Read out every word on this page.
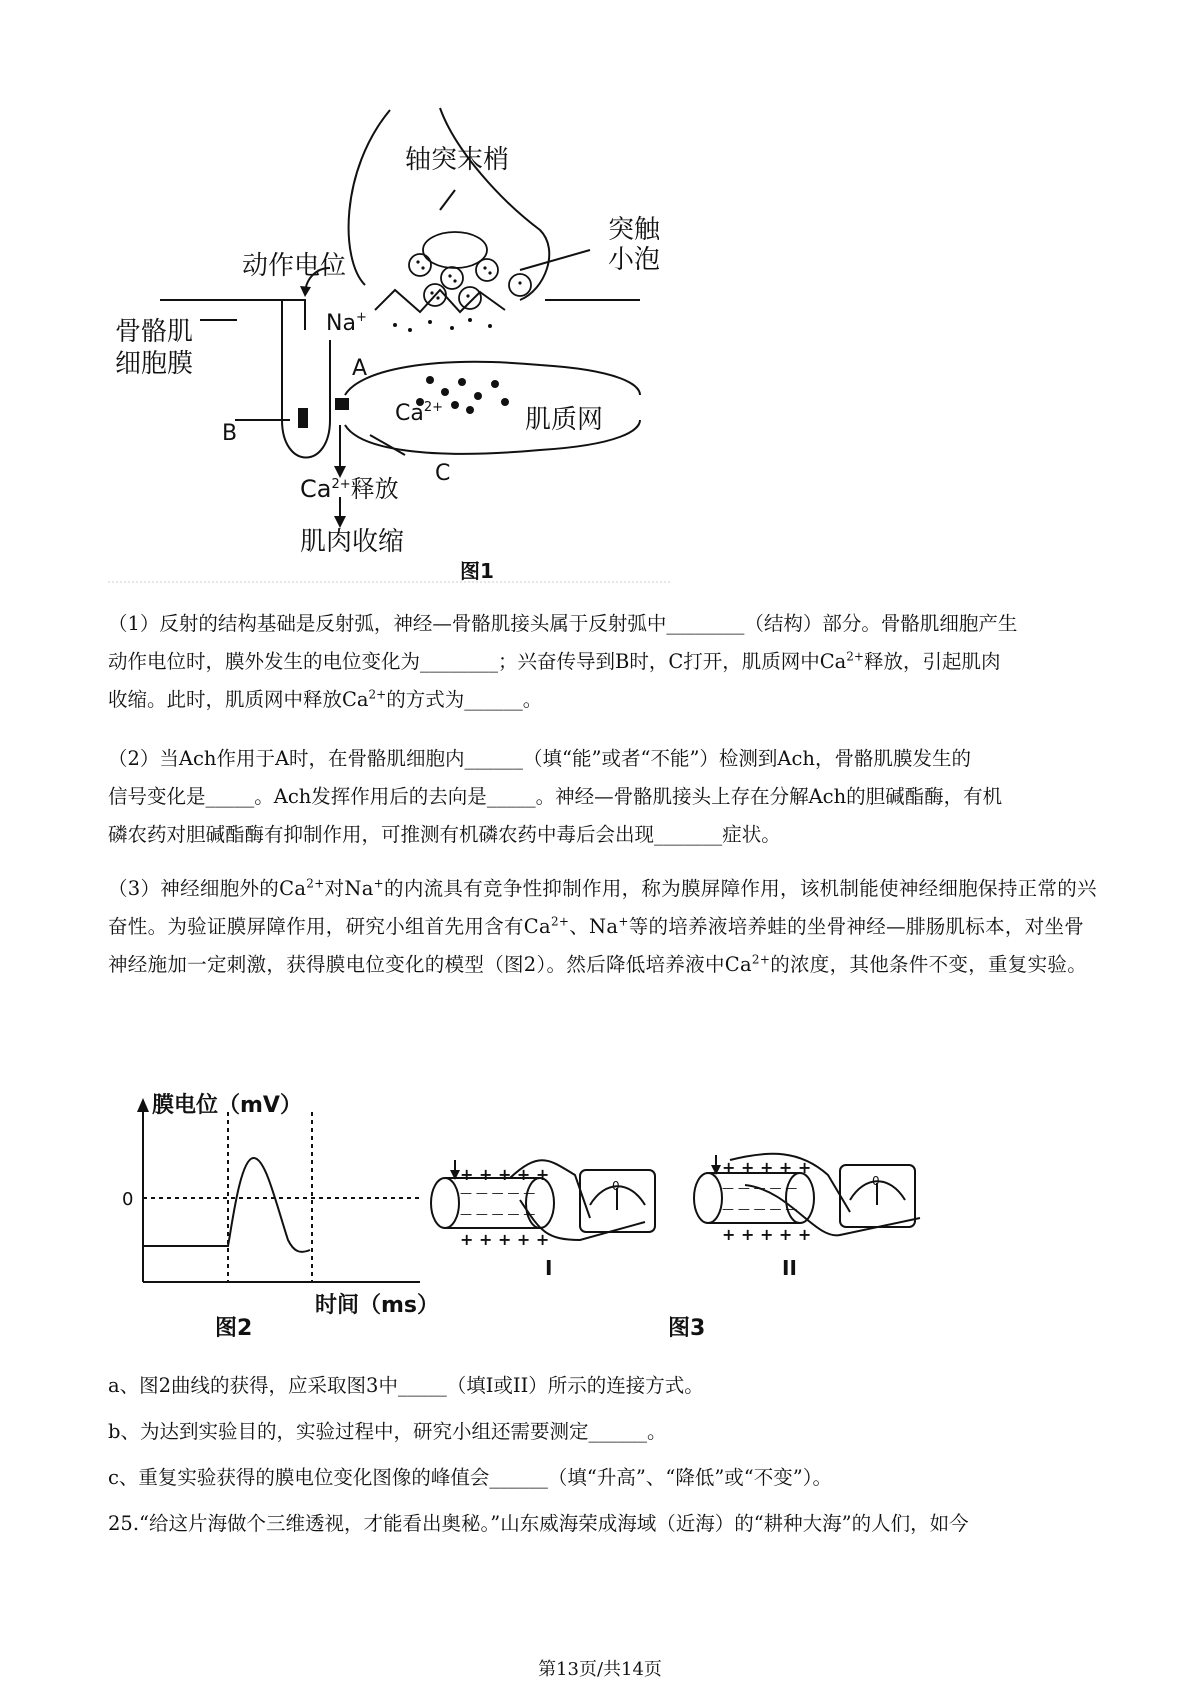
轴突末梢
突触
小泡
动作电位
骨骼肌
细胞膜
Na+
A
B
C
$Ca^{2+}$	肌质网
$Ca^{2+}$释放
肌肉收缩
图1

（1）反射的结构基础是反射弧，神经—骨骼肌接头属于反射弧中________（结构）部分。骨骼肌细胞产生

动作电位时，膜外发生的电位变化为________；兴奋传导到B时，C打开，肌质网中$Ca^{2+}$释放，引起肌肉

收缩。此时，肌质网中释放$Ca^{2+}$的方式为______。

（2）当Ach作用于A时，在骨骼肌细胞内______（填“能”或者“不能”）检测到Ach，骨骼肌膜发生的

信号变化是_____。Ach发挥作用后的去向是_____。神经—骨骼肌接头上存在分解Ach的胆碱酯酶，有机

磷农药对胆碱酯酶有抑制作用，可推测有机磷农药中毒后会出现_______症状。

（3）神经细胞外的$Ca^{2+}$对Na+的内流具有竞争性抑制作用，称为膜屏障作用，该机制能使神经细胞保持正常的兴奋性。为验证膜屏障作用，研究小组首先用含有$Ca^{2+}$、Na+等的培养液培养蛙的坐骨神经—腓肠肌标本，对坐骨神经施加一定刺激，获得膜电位变化的模型（图2）。然后降低培养液中$Ca^{2+}$的浓度，其他条件不变，重复实验。

膜电位（mV）
0
时间（ms）
图2
+ + + + +
— — — — —
— — — — —
+ + + + +
0
I
+ + + + +
— — — — —
— — — — —
+ + + + +
0
II
图3

a、图2曲线的获得，应采取图3中_____（填I或II）所示的连接方式。

b、为达到实验目的，实验过程中，研究小组还需要测定______。

c、重复实验获得的膜电位变化图像的峰值会______（填“升高”、“降低”或“不变”）。

25.“给这片海做个三维透视，才能看出奥秘。”山东威海荣成海域（近海）的“耕种大海”的人们，如今

第13页/共14页
